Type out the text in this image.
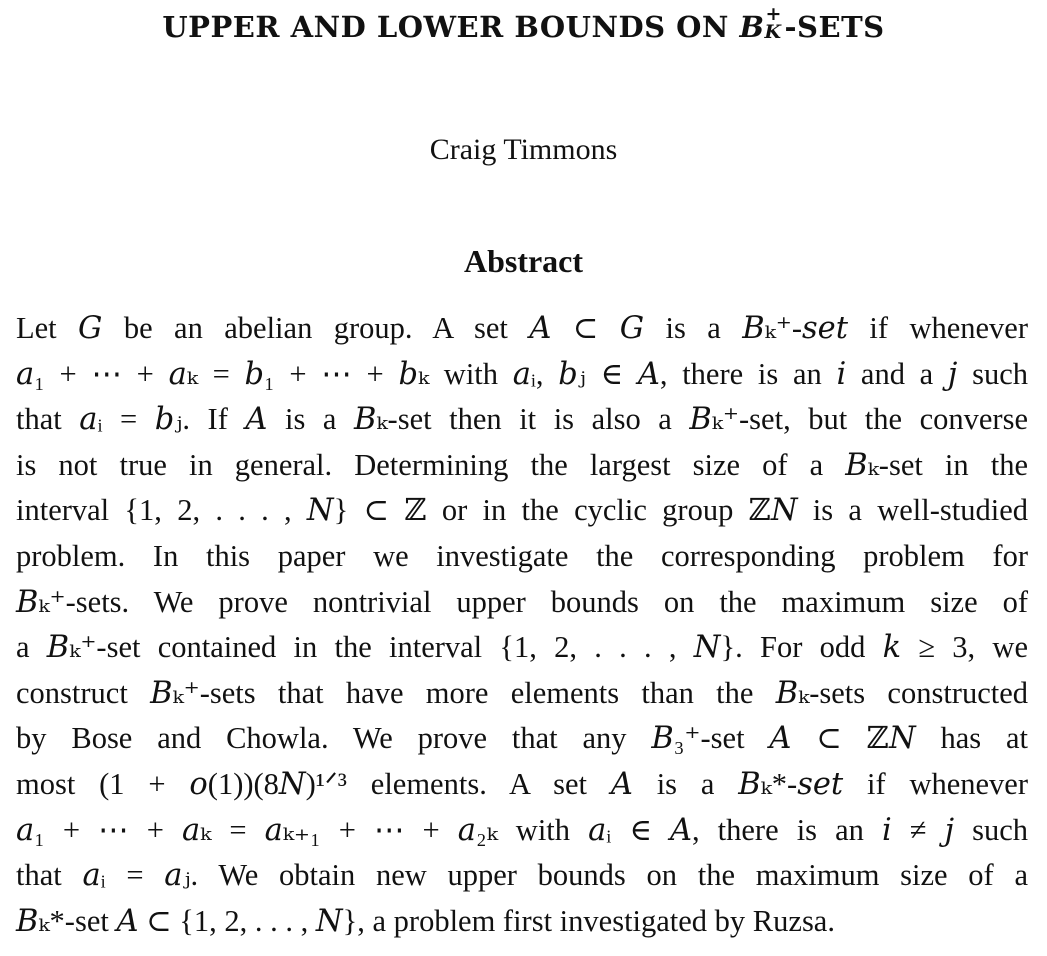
UPPER AND LOWER BOUNDS ON B +
K -SETS
Craig Timmons
Abstract
Let 𝐺 be an abelian group. A set 𝐴 ⊂ 𝐺 is a 𝐵ₖ⁺-𝑠𝑒𝑡 if whenever
𝑎₁ + ⋯ + 𝑎ₖ = 𝑏₁ + ⋯ + 𝑏ₖ with 𝑎ᵢ, 𝑏ⱼ ∈ 𝐴, there is an 𝑖 and a 𝑗 such
that 𝑎ᵢ = 𝑏ⱼ. If 𝐴 is a 𝐵ₖ-set then it is also a 𝐵ₖ⁺-set, but the converse
is not true in general. Determining the largest size of a 𝐵ₖ-set in the
interval {1, 2, . . . , 𝑁} ⊂ ℤ or in the cyclic group ℤ𝑁 is a well-studied
problem. In this paper we investigate the corresponding problem for
𝐵ₖ⁺-sets. We prove nontrivial upper bounds on the maximum size of
a 𝐵ₖ⁺-set contained in the interval {1, 2, . . . , 𝑁}. For odd 𝑘 ≥ 3, we
construct 𝐵ₖ⁺-sets that have more elements than the 𝐵ₖ-sets constructed
by Bose and Chowla. We prove that any 𝐵₃⁺-set 𝐴 ⊂ ℤ𝑁 has at
most (1 + 𝑜(1))(8𝑁)¹ᐟ³ elements. A set 𝐴 is a 𝐵ₖ*-𝑠𝑒𝑡 if whenever
𝑎₁ + ⋯ + 𝑎ₖ = 𝑎ₖ₊₁ + ⋯ + 𝑎₂ₖ with 𝑎ᵢ ∈ 𝐴, there is an 𝑖 ≠ 𝑗 such
that 𝑎ᵢ = 𝑎ⱼ. We obtain new upper bounds on the maximum size of a
𝐵ₖ*-set 𝐴 ⊂ {1, 2, . . . , 𝑁}, a problem first investigated by Ruzsa.
